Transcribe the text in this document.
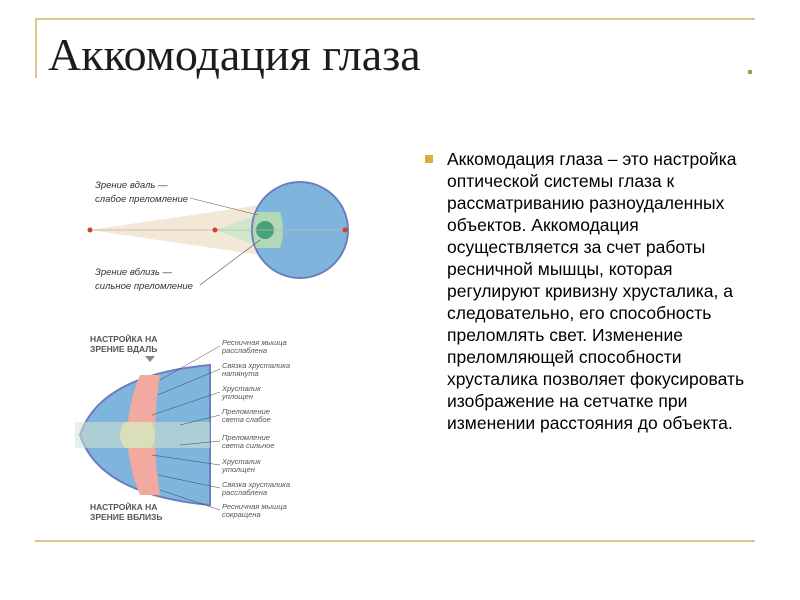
Аккомодация глаза
Аккомодация глаза – это настройка оптической системы глаза к рассматриванию разноудаленных объектов. Аккомодация осуществляется за счет работы ресничной мышцы, которая регулируют кривизну хрусталика, а следовательно, его способность преломлять свет. Изменение преломляющей способности хрусталика позволяет фокусировать изображение на сетчатке при изменении расстояния до объекта.
Зрение вдаль —
слабое преломление
Зрение вблизь —
сильное преломление
НАСТРОЙКА НА
ЗРЕНИЕ ВДАЛЬ
НАСТРОЙКА НА
ЗРЕНИЕ ВБЛИЗЬ
Ресничная мышца
расслаблена
Связка хрусталика
натянута
Хрусталик
уплощен
Преломление
света слабое
Преломление
света сильное
Хрусталик
утолщен
Связка хрусталика
расслаблена
Ресничная мышца
сокращена
